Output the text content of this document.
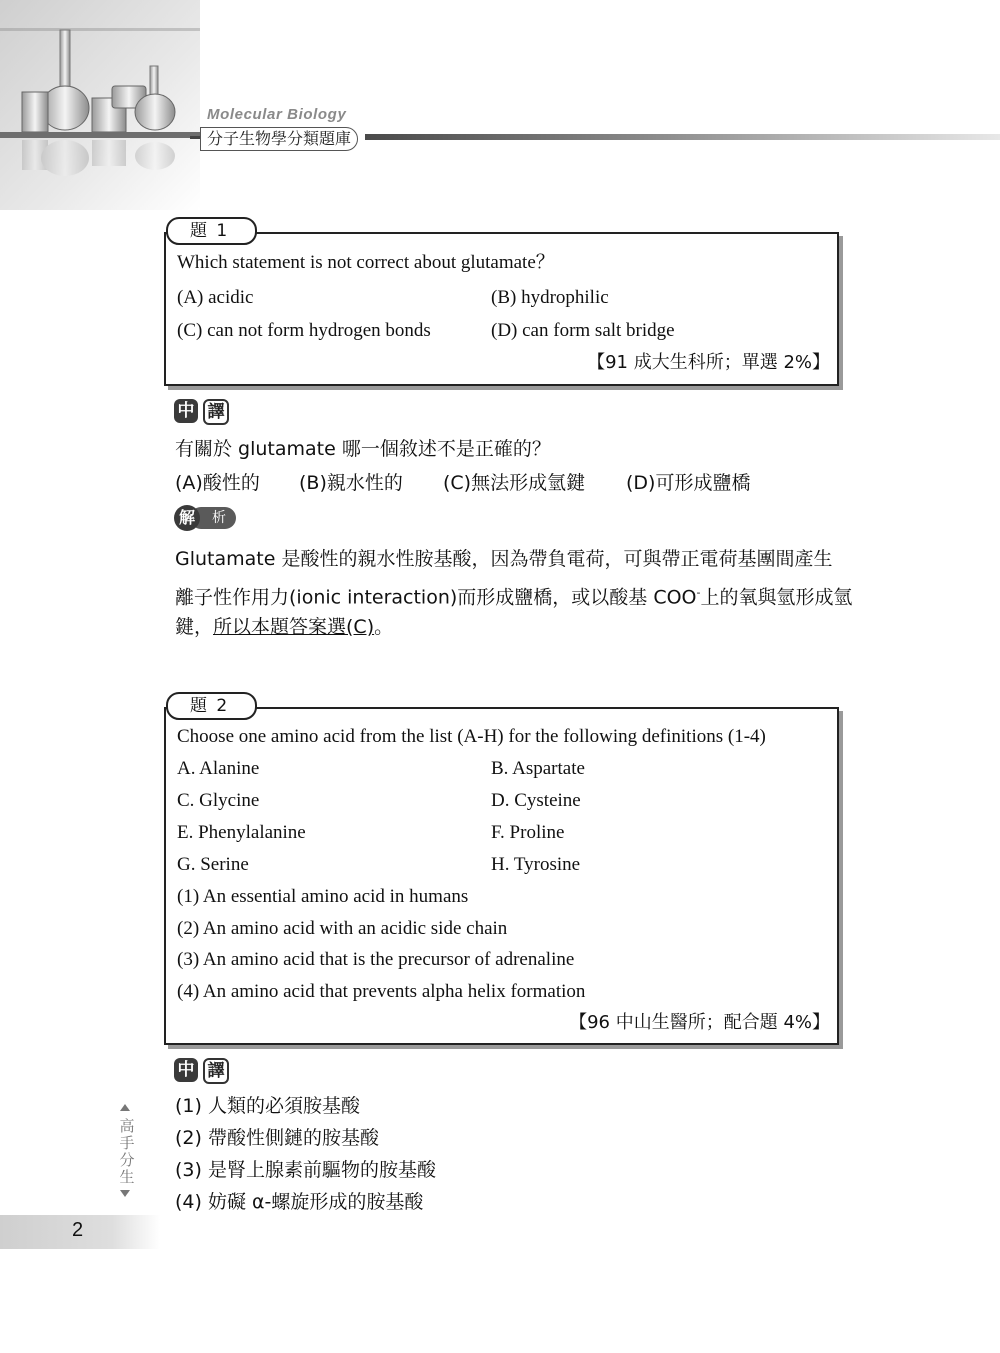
Molecular Biology
分子生物學分類題庫
題 1
Which statement is not correct about glutamate？
(A) acidic	(B) hydrophilic
(C) can not form hydrogen bonds	(D) can form salt bridge
【91 成大生科所；單選 2%】
中 譯
有關於 glutamate 哪一個敘述不是正確的？
(A)酸性的 (B)親水性的 (C)無法形成氫鍵 (D)可形成鹽橋
析
解
Glutamate 是酸性的親水性胺基酸，因為帶負電荷，可與帶正電荷基團間產生
離子性作用力(ionic interaction)而形成鹽橋，或以酸基 COO-上的氧與氫形成氫
鍵，所以本題答案選(C)。
題 2
Choose one amino acid from the list (A-H) for the following definitions (1-4)
A. Alanine	B. Aspartate
C. Glycine	D. Cysteine
E. Phenylalanine	F. Proline
G. Serine	H. Tyrosine
(1) An essential amino acid in humans
(2) An amino acid with an acidic side chain
(3) An amino acid that is the precursor of adrenaline
(4) An amino acid that prevents alpha helix formation
【96 中山生醫所；配合題 4%】
中 譯
(1) 人類的必須胺基酸
(2) 帶酸性側鏈的胺基酸
(3) 是腎上腺素前驅物的胺基酸
(4) 妨礙 α-螺旋形成的胺基酸
高手分生
2
